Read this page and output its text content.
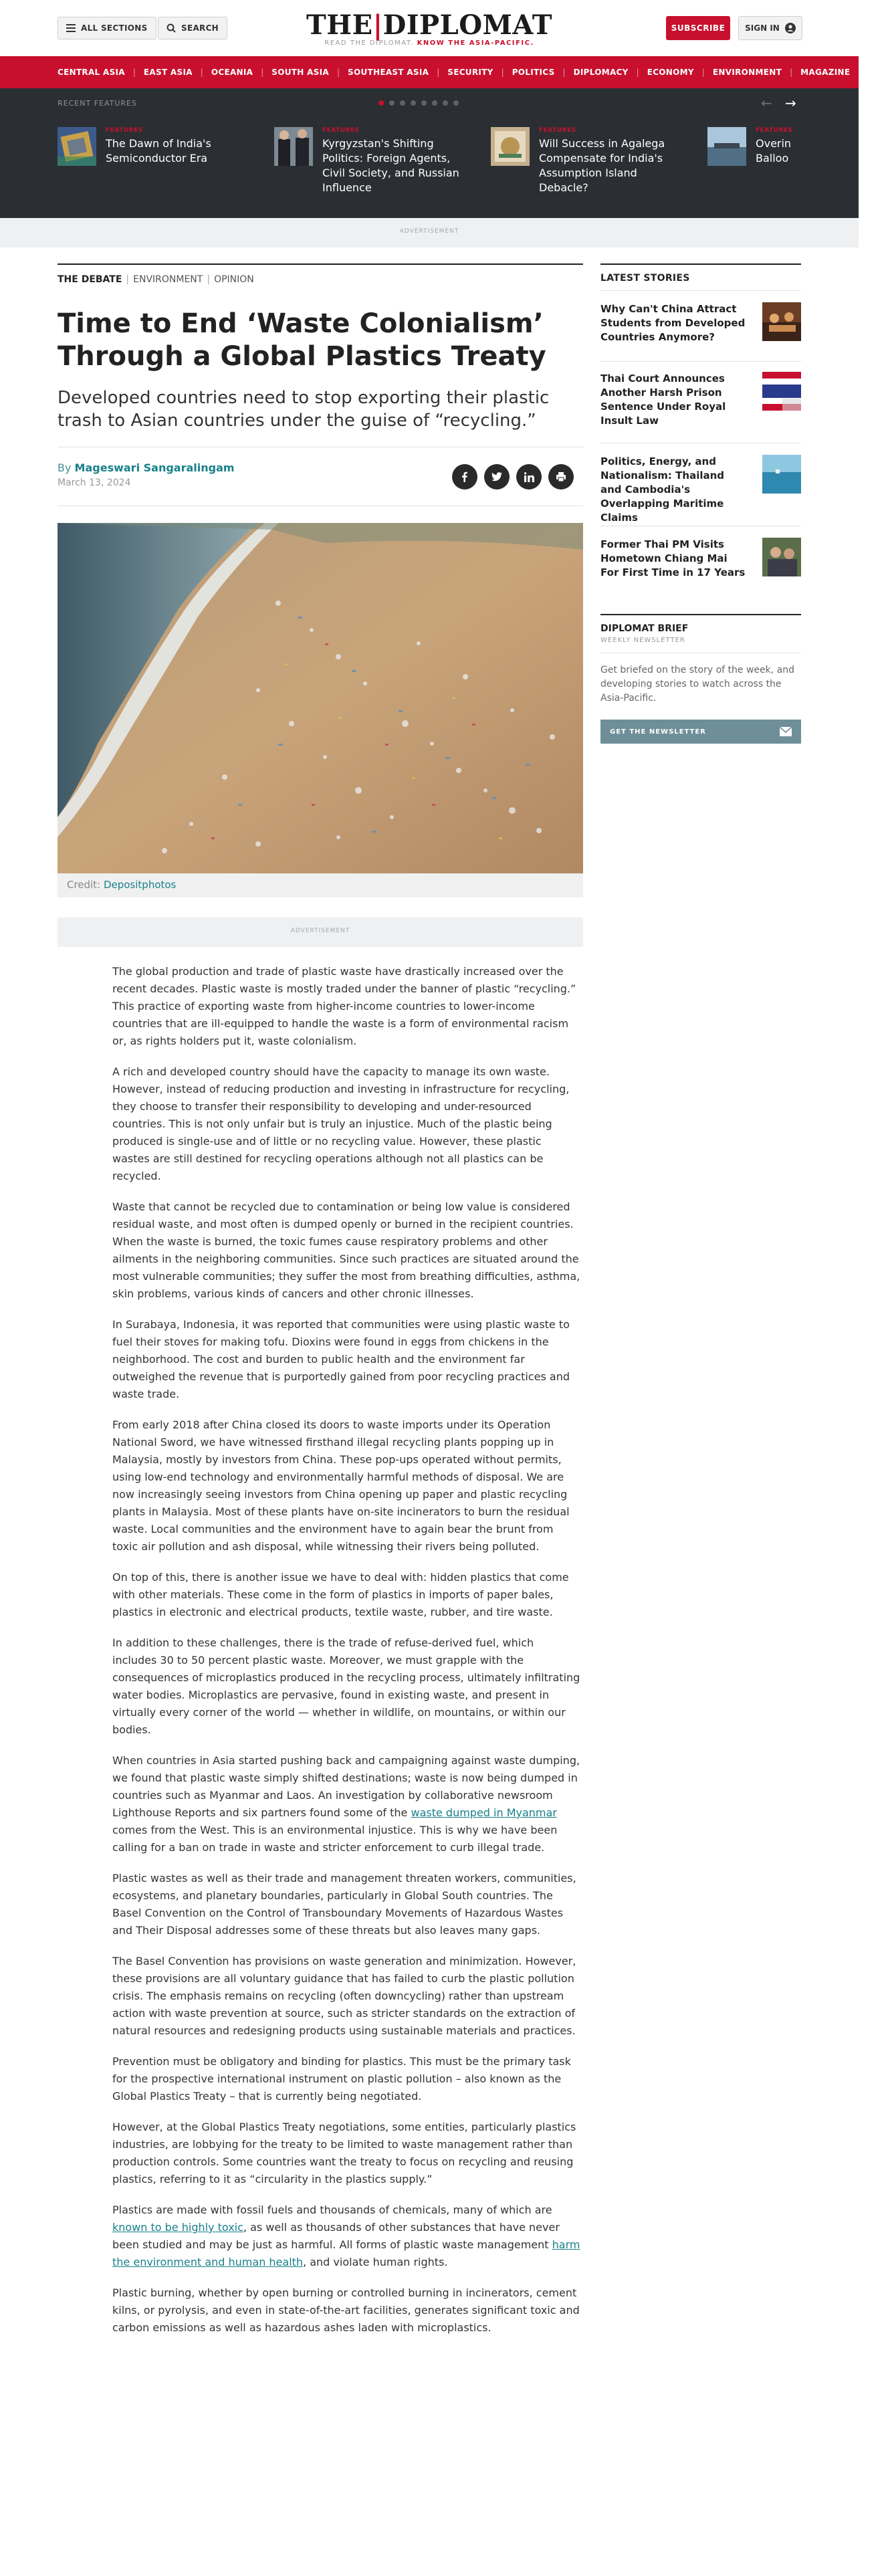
ALL SECTIONS	SEARCH	THE|DIPLOMAT
READ THE DIPLOMAT. KNOW THE ASIA-PACIFIC.
SUBSCRIBE	SIGN IN
CENTRAL ASIA | EAST ASIA | OCEANIA | SOUTH ASIA | SOUTHEAST ASIA | SECURITY | POLITICS | DIPLOMACY | ECONOMY | ENVIRONMENT | MAGAZINE | ALL
RECENT FEATURES	← →
FEATURES
The Dawn of India's Semiconductor Era
FEATURES
Kyrgyzstan's Shifting Politics: Foreign Agents, Civil Society, and Russian Influence
FEATURES
Will Success in Agalega Compensate for India's Assumption Island Debacle?
FEATURES
Overin Balloo
ADVERTISEMENT
THE DEBATE | ENVIRONMENT | OPINION
Time to End ‘Waste Colonialism’ Through a Global Plastics Treaty
Developed countries need to stop exporting their plastic trash to Asian countries under the guise of “recycling.”
By Mageswari Sangaralingam
March 13, 2024
Credit: Depositphotos
ADVERTISEMENT

The global production and trade of plastic waste have drastically increased over the recent decades. Plastic waste is mostly traded under the banner of plastic “recycling.” This practice of exporting waste from higher-income countries to lower-income countries that are ill-equipped to handle the waste is a form of environmental racism or, as rights holders put it, waste colonialism.

A rich and developed country should have the capacity to manage its own waste. However, instead of reducing production and investing in infrastructure for recycling, they choose to transfer their responsibility to developing and under-resourced countries. This is not only unfair but is truly an injustice. Much of the plastic being produced is single-use and of little or no recycling value. However, these plastic wastes are still destined for recycling operations although not all plastics can be recycled.

Waste that cannot be recycled due to contamination or being low value is considered residual waste, and most often is dumped openly or burned in the recipient countries. When the waste is burned, the toxic fumes cause respiratory problems and other ailments in the neighboring communities. Since such practices are situated around the most vulnerable communities; they suffer the most from breathing difficulties, asthma, skin problems, various kinds of cancers and other chronic illnesses.

In Surabaya, Indonesia, it was reported that communities were using plastic waste to fuel their stoves for making tofu. Dioxins were found in eggs from chickens in the neighborhood. The cost and burden to public health and the environment far outweighed the revenue that is purportedly gained from poor recycling practices and waste trade.

From early 2018 after China closed its doors to waste imports under its Operation National Sword, we have witnessed firsthand illegal recycling plants popping up in Malaysia, mostly by investors from China. These pop-ups operated without permits, using low-end technology and environmentally harmful methods of disposal. We are now increasingly seeing investors from China opening up paper and plastic recycling plants in Malaysia. Most of these plants have on-site incinerators to burn the residual waste. Local communities and the environment have to again bear the brunt from toxic air pollution and ash disposal, while witnessing their rivers being polluted.

On top of this, there is another issue we have to deal with: hidden plastics that come with other materials. These come in the form of plastics in imports of paper bales, plastics in electronic and electrical products, textile waste, rubber, and tire waste.

In addition to these challenges, there is the trade of refuse-derived fuel, which includes 30 to 50 percent plastic waste. Moreover, we must grapple with the consequences of microplastics produced in the recycling process, ultimately infiltrating water bodies. Microplastics are pervasive, found in existing waste, and present in virtually every corner of the world — whether in wildlife, on mountains, or within our bodies.

When countries in Asia started pushing back and campaigning against waste dumping, we found that plastic waste simply shifted destinations; waste is now being dumped in countries such as Myanmar and Laos. An investigation by collaborative newsroom Lighthouse Reports and six partners found some of the waste dumped in Myanmar comes from the West. This is an environmental injustice. This is why we have been calling for a ban on trade in waste and stricter enforcement to curb illegal trade.

Plastic wastes as well as their trade and management threaten workers, communities, ecosystems, and planetary boundaries, particularly in Global South countries. The Basel Convention on the Control of Transboundary Movements of Hazardous Wastes and Their Disposal addresses some of these threats but also leaves many gaps.

The Basel Convention has provisions on waste generation and minimization. However, these provisions are all voluntary guidance that has failed to curb the plastic pollution crisis. The emphasis remains on recycling (often downcycling) rather than upstream action with waste prevention at source, such as stricter standards on the extraction of natural resources and redesigning products using sustainable materials and practices.

Prevention must be obligatory and binding for plastics. This must be the primary task for the prospective international instrument on plastic pollution – also known as the Global Plastics Treaty – that is currently being negotiated.

However, at the Global Plastics Treaty negotiations, some entities, particularly plastics industries, are lobbying for the treaty to be limited to waste management rather than production controls. Some countries want the treaty to focus on recycling and reusing plastics, referring to it as “circularity in the plastics supply.”

Plastics are made with fossil fuels and thousands of chemicals, many of which are known to be highly toxic, as well as thousands of other substances that have never been studied and may be just as harmful. All forms of plastic waste management harm the environment and human health, and violate human rights.

Plastic burning, whether by open burning or controlled burning in incinerators, cement kilns, or pyrolysis, and even in state-of-the-art facilities, generates significant toxic and carbon emissions as well as hazardous ashes laden with microplastics.

LATEST STORIES
Why Can't China Attract Students from Developed Countries Anymore?
Thai Court Announces Another Harsh Prison Sentence Under Royal Insult Law
Politics, Energy, and Nationalism: Thailand and Cambodia's Overlapping Maritime Claims
Former Thai PM Visits Hometown Chiang Mai For First Time in 17 Years
DIPLOMAT BRIEF
WEEKLY NEWSLETTER
Get briefed on the story of the week, and developing stories to watch across the Asia-Pacific.
GET THE NEWSLETTER
